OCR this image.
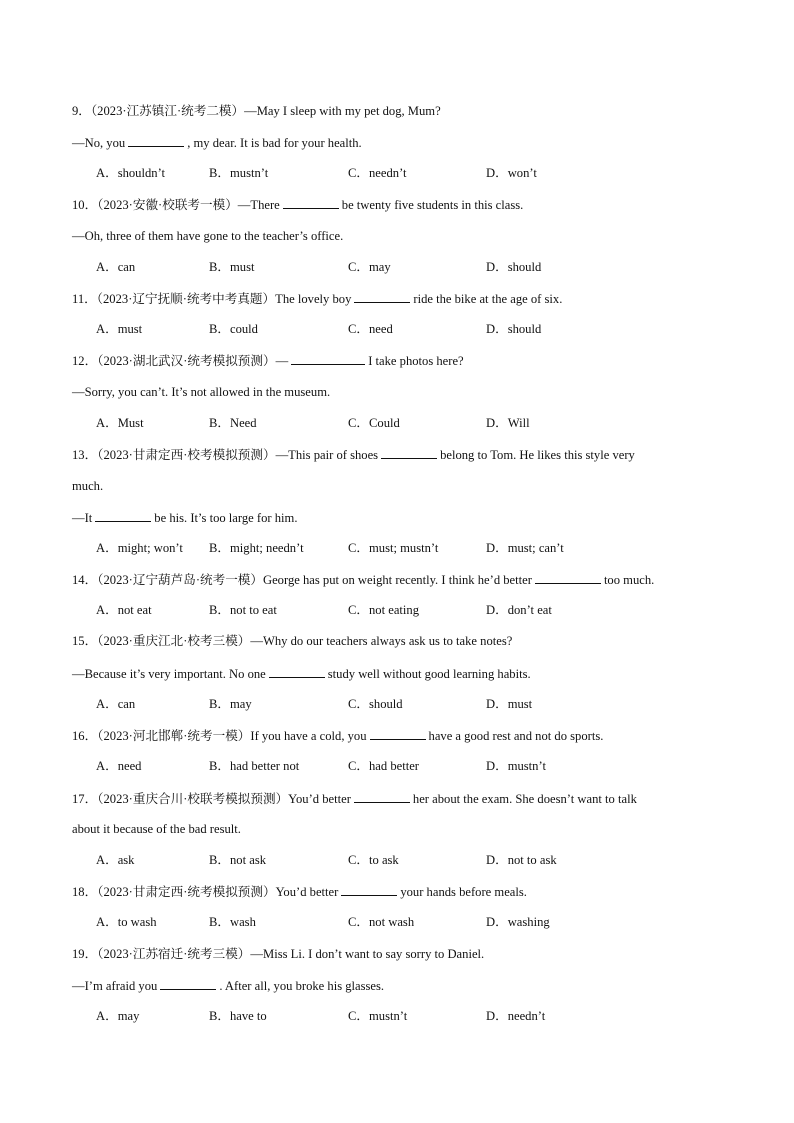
9．（2023·江苏镇江·统考二模）—May I sleep with my pet dog, Mum?
—No, you	, my dear. It is bad for your health.
A．shouldn’t	B．mustn’t	C．needn’t	D．won’t
10．（2023·安徽·校联考一模）—There	be twenty five students in this class.
—Oh, three of them have gone to the teacher’s office.
A．can	B．must	C．may	D．should
11．（2023·辽宁抚顺·统考中考真题）The lovely boy	ride the bike at the age of six.
A．must	B．could	C．need	D．should
12．（2023·湖北武汉·统考模拟预测）—	I take photos here?
—Sorry, you can’t. It’s not allowed in the museum.
A．Must	B．Need	C．Could	D．Will
13．（2023·甘肃定西·校考模拟预测）—This pair of shoes	belong to Tom. He likes this style very
much.
—It	be his. It’s too large for him.
A．might; won’t B．might; needn’t	C．must; mustn’t	D．must; can’t
14．（2023·辽宁葫芦岛·统考一模）George has put on weight recently. I think he’d better	too much.
A．not eat	B．not to eat	C．not eating	D．don’t eat
15．（2023·重庆江北·校考三模）—Why do our teachers always ask us to take notes?
—Because it’s very important. No one	study well without good learning habits.
A．can	B．may	C．should	D．must
16．（2023·河北邯郸·统考一模）If you have a cold, you	have a good rest and not do sports.
A．need	B．had better not	C．had better	D．mustn’t
17．（2023·重庆合川·校联考模拟预测）You’d better	her about the exam. She doesn’t want to talk
about it because of the bad result.
A．ask	B．not ask	C．to ask	D．not to ask
18．（2023·甘肃定西·统考模拟预测）You’d better	your hands before meals.
A．to wash	B．wash	C．not wash	D．washing
19．（2023·江苏宿迁·统考三模）—Miss Li. I don’t want to say sorry to Daniel.
—I’m afraid you	. After all, you broke his glasses.
A．may	B．have to	C．mustn’t	D．needn’t
